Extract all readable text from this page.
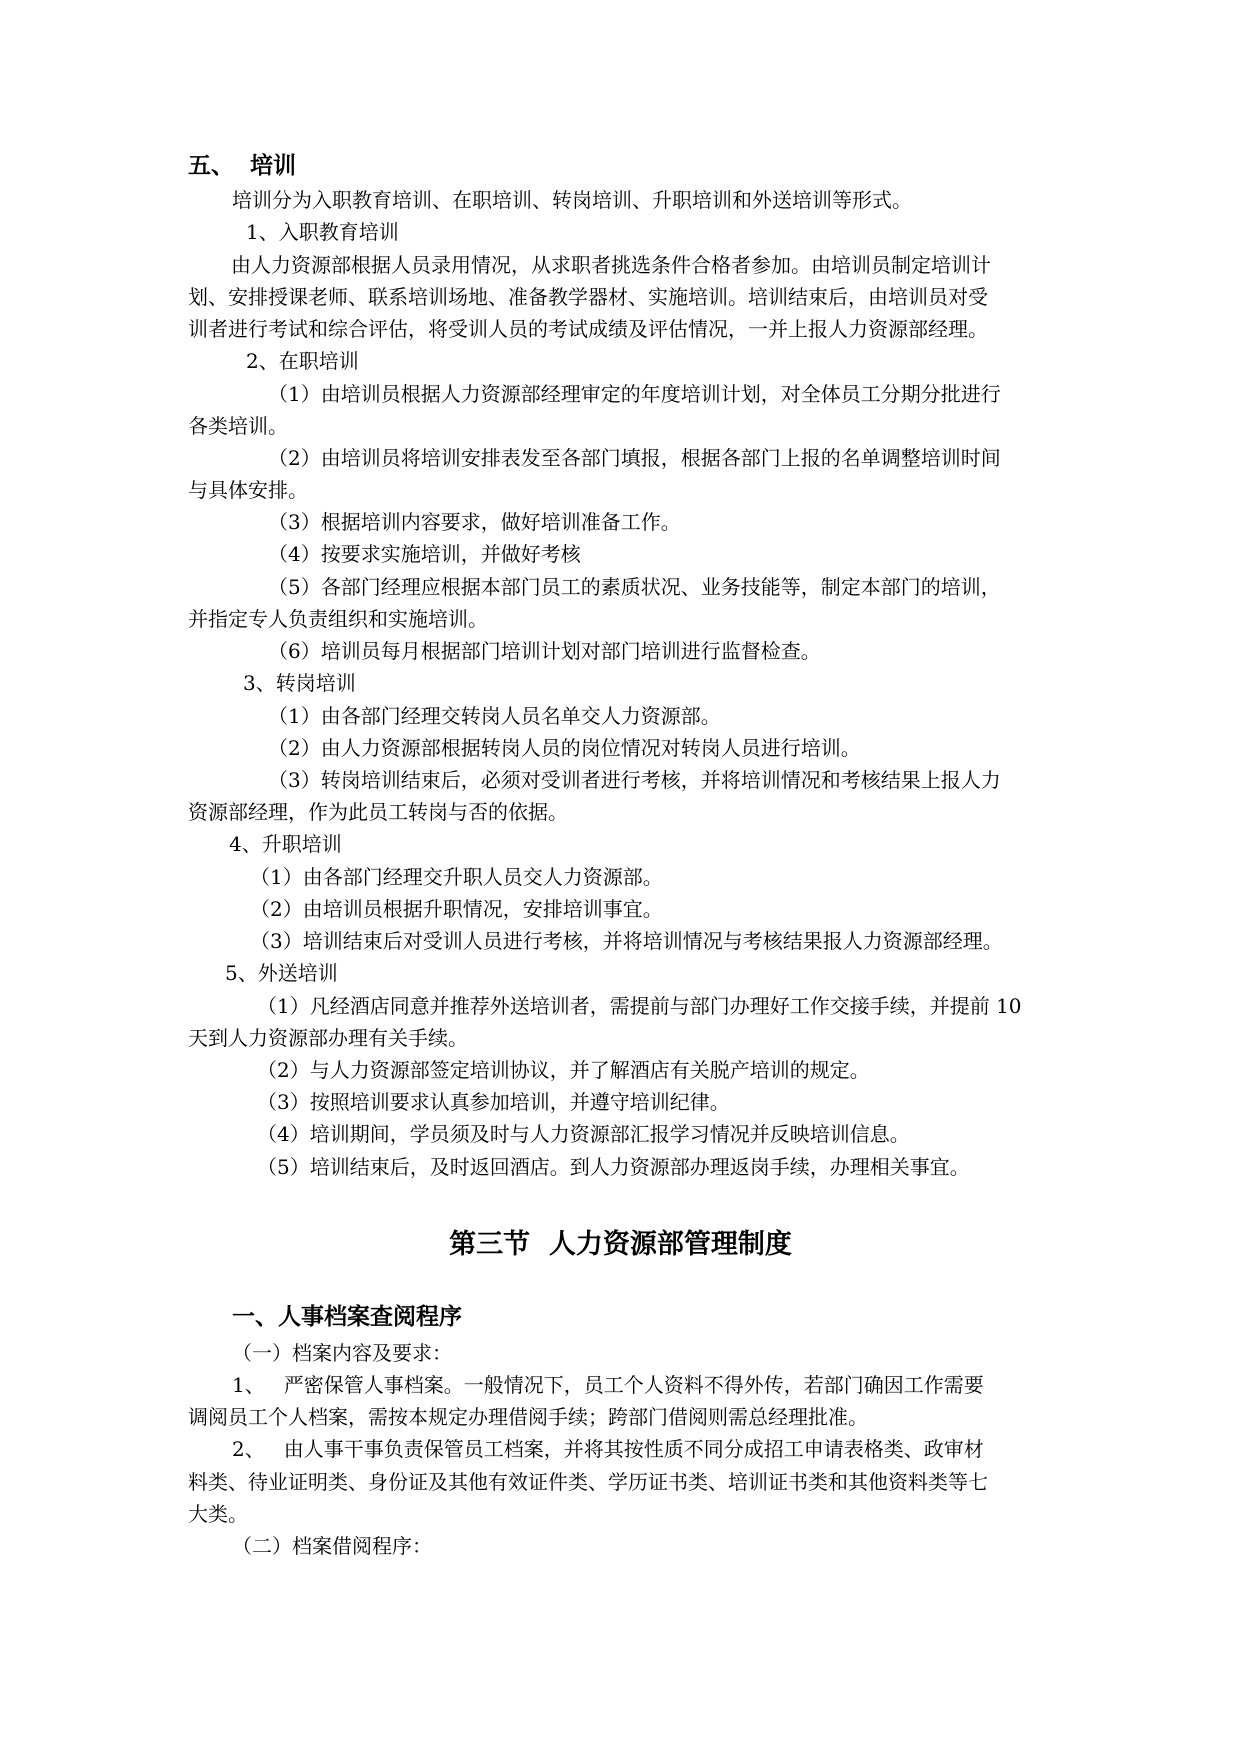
五、  培训
培训分为入职教育培训、在职培训、转岗培训、升职培训和外送培训等形式。
1、入职教育培训
由人力资源部根据人员录用情况，从求职者挑选条件合格者参加。由培训员制定培训计
划、安排授课老师、联系培训场地、准备教学器材、实施培训。培训结束后，由培训员对受
训者进行考试和综合评估，将受训人员的考试成绩及评估情况，一并上报人力资源部经理。
2、在职培训
（1）由培训员根据人力资源部经理审定的年度培训计划，对全体员工分期分批进行
各类培训。
（2）由培训员将培训安排表发至各部门填报，根据各部门上报的名单调整培训时间
与具体安排。
（3）根据培训内容要求，做好培训准备工作。
（4）按要求实施培训，并做好考核
（5）各部门经理应根据本部门员工的素质状况、业务技能等，制定本部门的培训，
并指定专人负责组织和实施培训。
（6）培训员每月根据部门培训计划对部门培训进行监督检查。
3、转岗培训
（1）由各部门经理交转岗人员名单交人力资源部。
（2）由人力资源部根据转岗人员的岗位情况对转岗人员进行培训。
（3）转岗培训结束后，必须对受训者进行考核，并将培训情况和考核结果上报人力
资源部经理，作为此员工转岗与否的依据。
4、升职培训
（1）由各部门经理交升职人员交人力资源部。
（2）由培训员根据升职情况，安排培训事宜。
（3）培训结束后对受训人员进行考核，并将培训情况与考核结果报人力资源部经理。
5、外送培训
（1）凡经酒店同意并推荐外送培训者，需提前与部门办理好工作交接手续，并提前 10
天到人力资源部办理有关手续。
（2）与人力资源部签定培训协议，并了解酒店有关脱产培训的规定。
（3）按照培训要求认真参加培训，并遵守培训纪律。
（4）培训期间，学员须及时与人力资源部汇报学习情况并反映培训信息。
（5）培训结束后，及时返回酒店。到人力资源部办理返岗手续，办理相关事宜。
第三节  人力资源部管理制度
一、人事档案查阅程序
（一）档案内容及要求：
1、   严密保管人事档案。一般情况下，员工个人资料不得外传，若部门确因工作需要
调阅员工个人档案，需按本规定办理借阅手续；跨部门借阅则需总经理批准。
2、   由人事干事负责保管员工档案，并将其按性质不同分成招工申请表格类、政审材
料类、待业证明类、身份证及其他有效证件类、学历证书类、培训证书类和其他资料类等七
大类。
（二）档案借阅程序：
